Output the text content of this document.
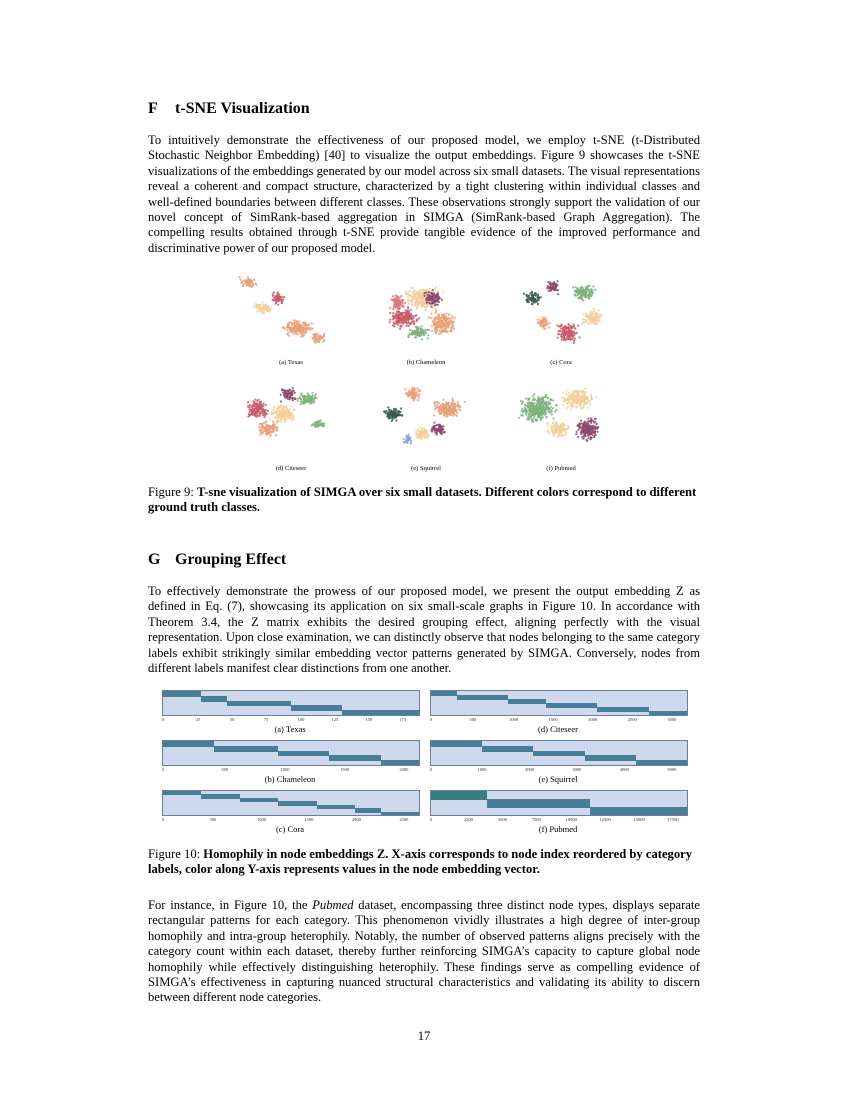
F t-SNE Visualization
To intuitively demonstrate the effectiveness of our proposed model, we employ t-SNE (t-Distributed Stochastic Neighbor Embedding) [40] to visualize the output embeddings. Figure 9 showcases the t-SNE visualizations of the embeddings generated by our model across six small datasets. The visual representations reveal a coherent and compact structure, characterized by a tight clustering within individual classes and well-defined boundaries between different classes. These observations strongly support the validation of our novel concept of SimRank-based aggregation in SIMGA (SimRank-based Graph Aggregation). The compelling results obtained through t-SNE provide tangible evidence of the improved performance and discriminative power of our proposed model.
(a) Texas	(b) Chameleon	(c) Cora
(d) Citeseer	(e) Squirrel	(f) Pubmed
Figure 9: T-sne visualization of SIMGA over six small datasets. Different colors correspond to different ground truth classes.
G Grouping Effect
To effectively demonstrate the prowess of our proposed model, we present the output embedding Z as defined in Eq. (7), showcasing its application on six small-scale graphs in Figure 10. In accordance with Theorem 3.4, the Z matrix exhibits the desired grouping effect, aligning perfectly with the visual representation. Upon close examination, we can distinctly observe that nodes belonging to the same category labels exhibit strikingly similar embedding vector patterns generated by SIMGA. Conversely, nodes from different labels manifest clear distinctions from one another.
0	25	50	75	100	125	150	175
(a) Texas
0	500	1000	1500	2000	2500	3000
(d) Citeseer
0	500	1000	1500	2000
(b) Chameleon
0	1000	2000	3000	4000	5000
(e) Squirrel
0	500	1000	1500	2000	2500
(c) Cora
0	2500	5000	7500	10000	12500	15000	17500
(f) Pubmed
Figure 10: Homophily in node embeddings Z. X-axis corresponds to node index reordered by category labels, color along Y-axis represents values in the node embedding vector.
For instance, in Figure 10, the Pubmed dataset, encompassing three distinct node types, displays separate rectangular patterns for each category. This phenomenon vividly illustrates a high degree of inter-group homophily and intra-group heterophily. Notably, the number of observed patterns aligns precisely with the category count within each dataset, thereby further reinforcing SIMGA’s capacity to capture global node homophily while effectively distinguishing heterophily. These findings serve as compelling evidence of SIMGA’s effectiveness in capturing nuanced structural characteristics and validating its ability to discern between different node categories.
17
